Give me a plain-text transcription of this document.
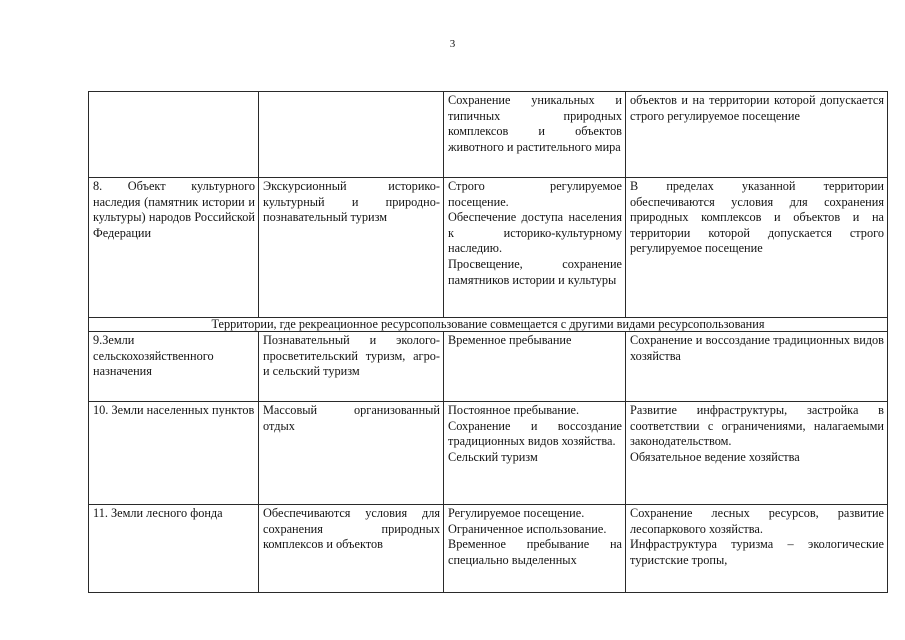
3

		Сохранение уникальных и типичных природных комплексов и объектов животного и растительного мира	объектов и на территории которой допускается строго регулируемое посещение

8. Объект культурного наследия (памятник истории и культуры) народов Российской Федерации	Экскурсионный историко-культурный и природно-познавательный туризм	Строго регулируемое посещение.
Обеспечение доступа населения к историко-культурному наследию.
Просвещение, сохранение памятников истории и культуры	В пределах указанной территории обеспечиваются условия для сохранения природных комплексов и объектов и на территории которой допускается строго регулируемое посещение

Территории, где рекреационное ресурсопользование совмещается с другими видами ресурсопользования			

9.Земли сельскохозяйственного назначения	Познавательный и эколого-просветительский туризм, агро- и сельский туризм	Временное пребывание	Сохранение и воссоздание традиционных видов хозяйства

10. Земли населенных пунктов	Массовый организованный отдых	Постоянное пребывание.
Сохранение и воссоздание традиционных видов хозяйства.
Сельский туризм	Развитие инфраструктуры, застройка в соответствии с ограничениями, налагаемыми законодательством.
Обязательное ведение хозяйства

11. Земли лесного фонда	Обеспечиваются условия для сохранения природных комплексов и объектов	Регулируемое посещение.
Ограниченное использование.
Временное пребывание на специально выделенных	Сохранение лесных ресурсов, развитие лесопаркового хозяйства.
Инфраструктура туризма – экологические туристские тропы,
